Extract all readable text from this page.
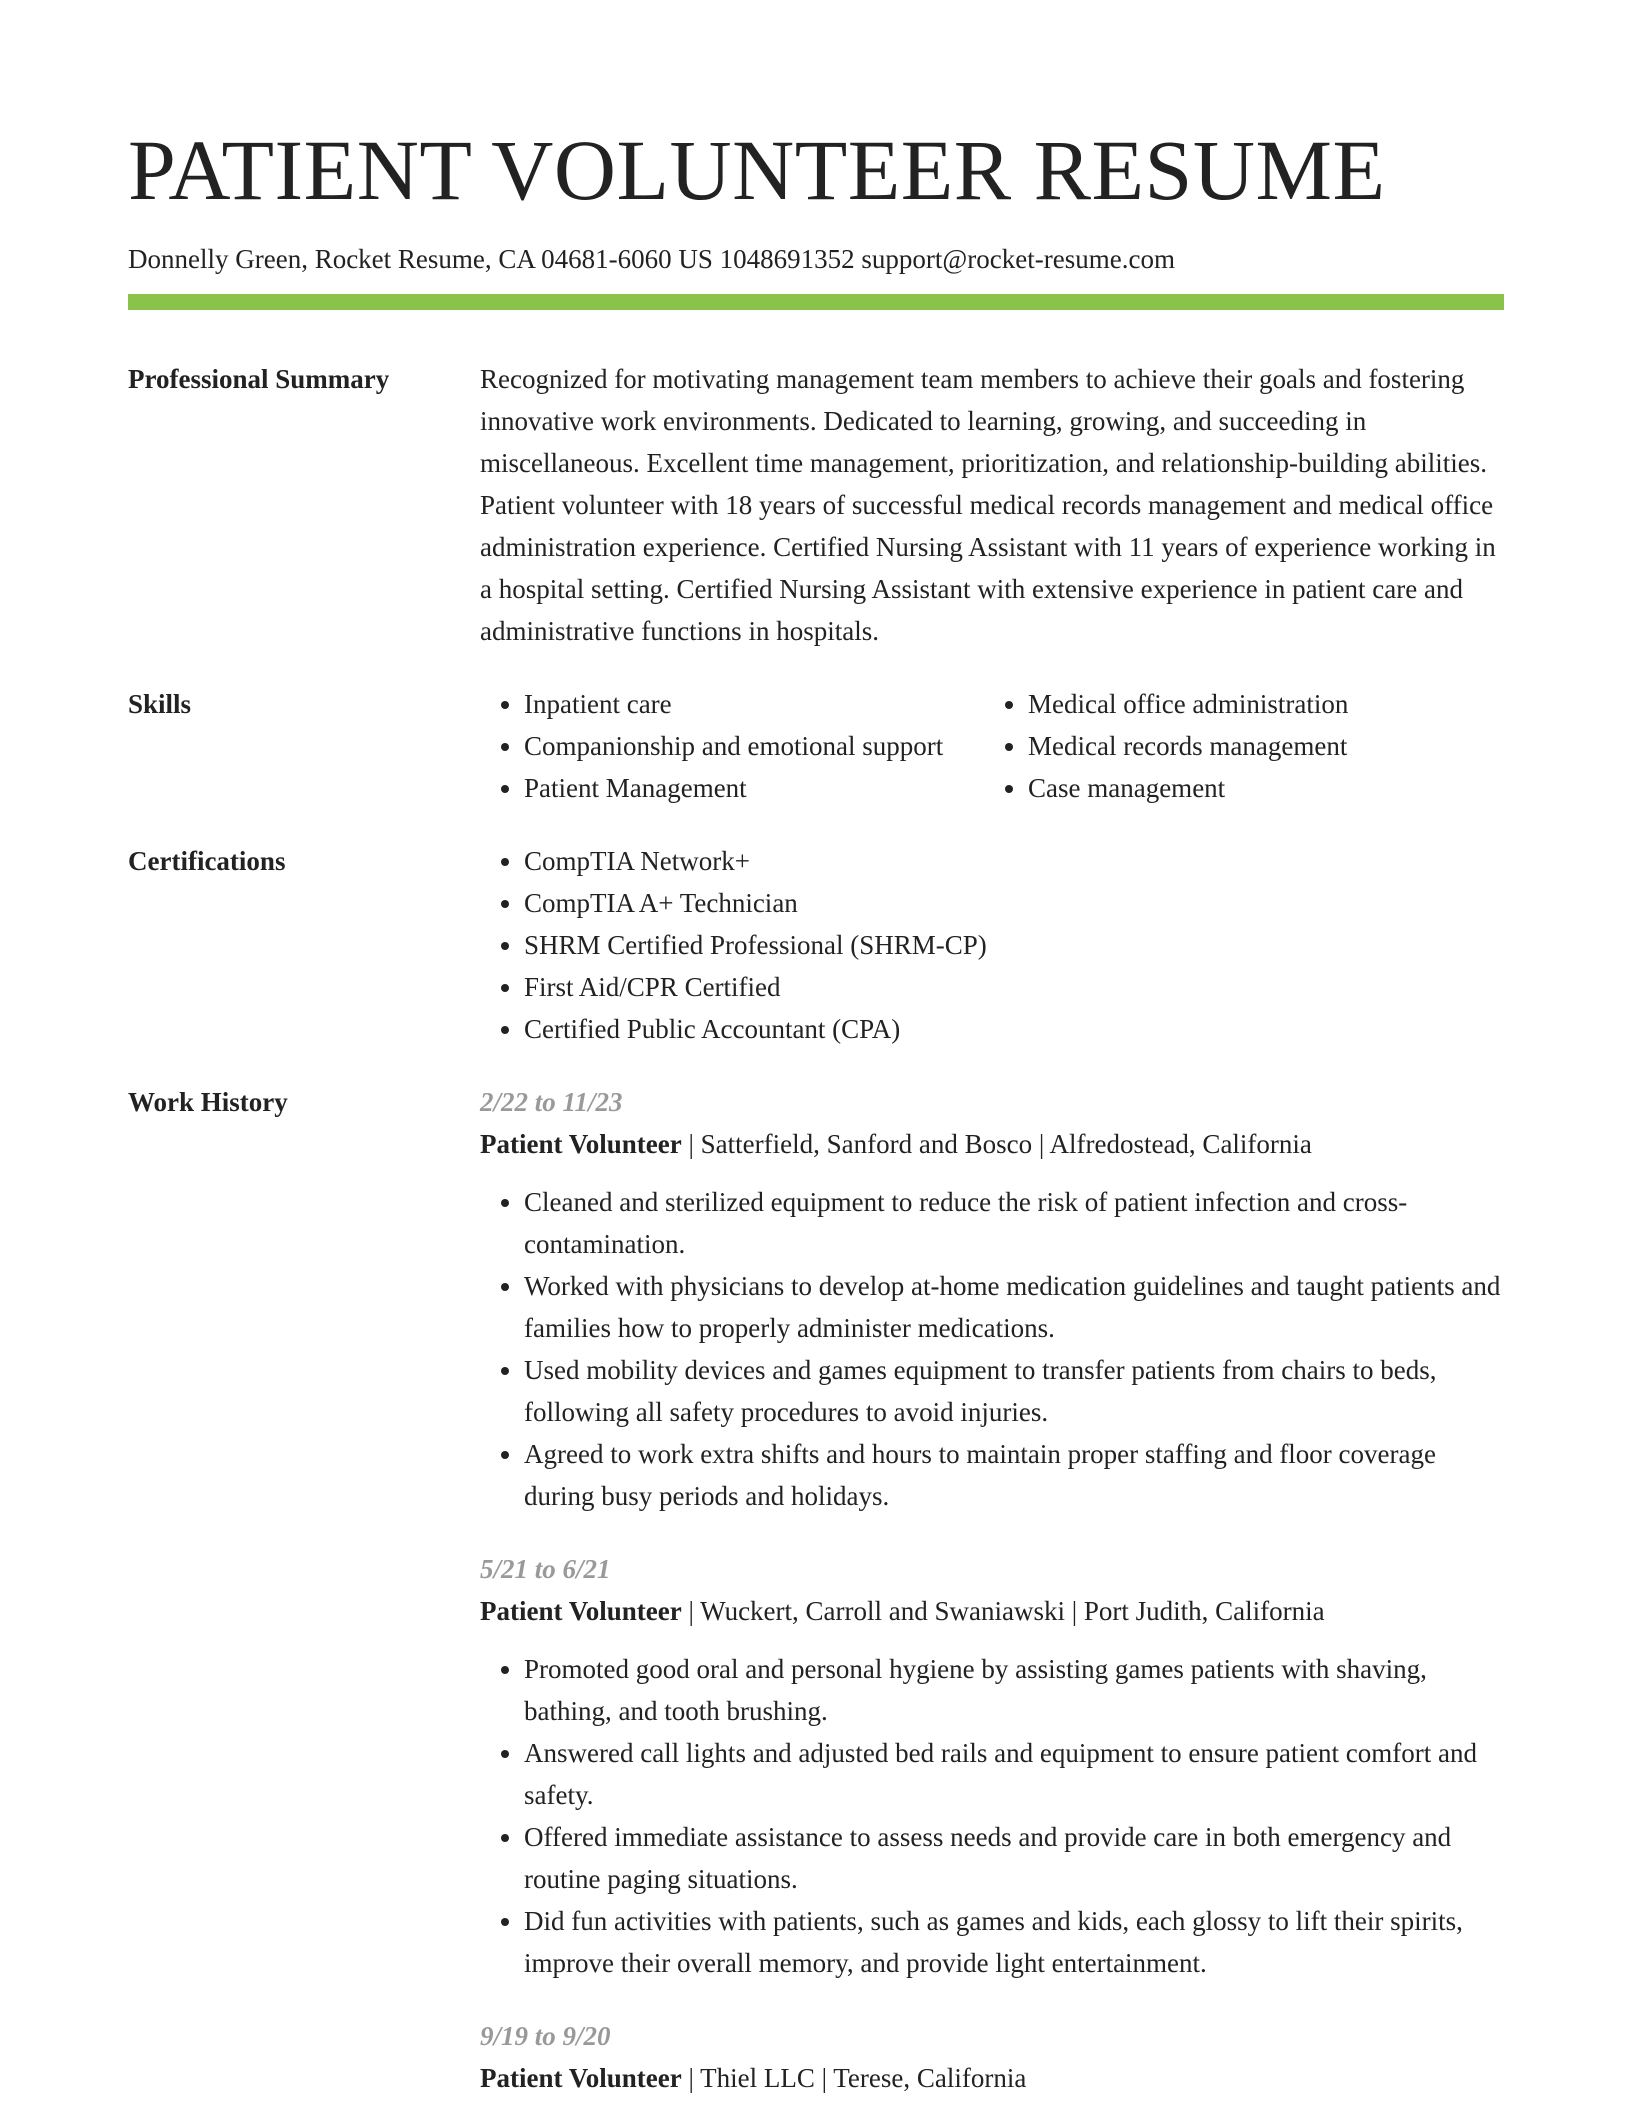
PATIENT VOLUNTEER RESUME
Donnelly Green, Rocket Resume, CA 04681-6060 US 1048691352 support@rocket-resume.com
Professional Summary	Recognized for motivating management team members to achieve their goals and fostering innovative work environments. Dedicated to learning, growing, and succeeding in miscellaneous. Excellent time management, prioritization, and relationship-building abilities. Patient volunteer with 18 years of successful medical records management and medical office administration experience. Certified Nursing Assistant with 11 years of experience working in a hospital setting. Certified Nursing Assistant with extensive experience in patient care and administrative functions in hospitals.
Skills	• Inpatient care
• Companionship and emotional support
• Patient Management
• Medical office administration
• Medical records management
• Case management
Certifications	• CompTIA Network+
• CompTIA A+ Technician
• SHRM Certified Professional (SHRM-CP)
• First Aid/CPR Certified
• Certified Public Accountant (CPA)
Work History	2/22 to 11/23
Patient Volunteer | Satterfield, Sanford and Bosco | Alfredostead, California
• Cleaned and sterilized equipment to reduce the risk of patient infection and cross-contamination.
• Worked with physicians to develop at-home medication guidelines and taught patients and families how to properly administer medications.
• Used mobility devices and games equipment to transfer patients from chairs to beds, following all safety procedures to avoid injuries.
• Agreed to work extra shifts and hours to maintain proper staffing and floor coverage during busy periods and holidays.
5/21 to 6/21
Patient Volunteer | Wuckert, Carroll and Swaniawski | Port Judith, California
• Promoted good oral and personal hygiene by assisting games patients with shaving, bathing, and tooth brushing.
• Answered call lights and adjusted bed rails and equipment to ensure patient comfort and safety.
• Offered immediate assistance to assess needs and provide care in both emergency and routine paging situations.
• Did fun activities with patients, such as games and kids, each glossy to lift their spirits, improve their overall memory, and provide light entertainment.
9/19 to 9/20
Patient Volunteer | Thiel LLC | Terese, California
